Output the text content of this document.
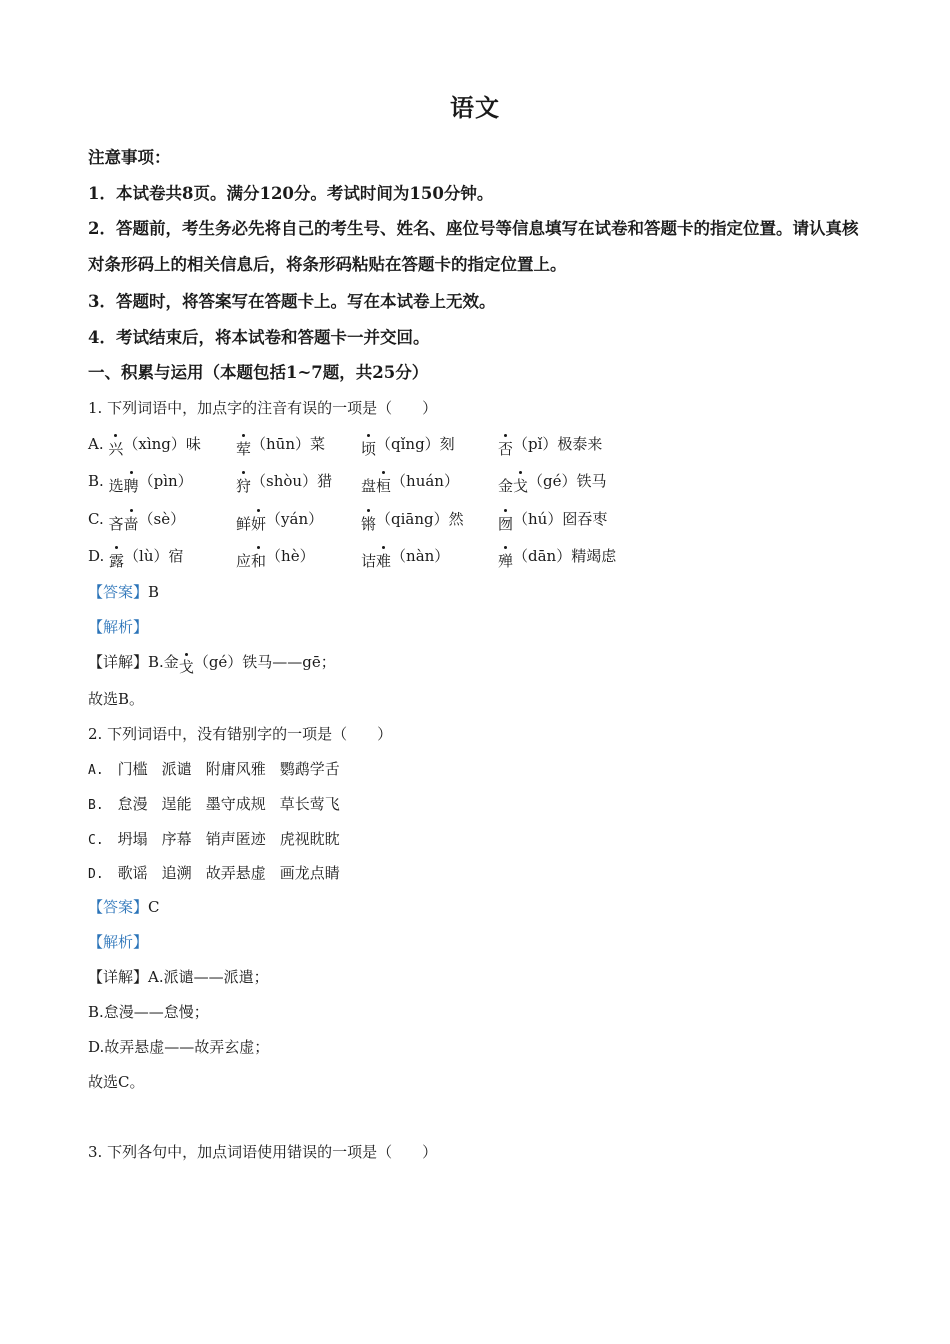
语文
注意事项：
1．本试卷共8页。满分120分。考试时间为150分钟。
2．答题前，考生务必先将自己的考生号、姓名、座位号等信息填写在试卷和答题卡的指定位置。请认真核对条形码上的相关信息后，将条形码粘贴在答题卡的指定位置上。
3．答题时，将答案写在答题卡上。写在本试卷上无效。
4．考试结束后，将本试卷和答题卡一并交回。
一、积累与运用（本题包括1~7题，共25分）
1. 下列词语中，加点字的注音有误的一项是（　　）
A. 兴（xìng）味 荤（hūn）菜 顷（qǐng）刻	否（pǐ）极泰来
B. 选聘（pìn）	狩（shòu）猎 盘桓（huán）	金戈（gé）铁马
C. 吝啬（sè）	鲜妍（yán）	锵（qiāng）然 囫（hú）囵吞枣
D. 露（lù）宿	应和（hè）	诘难（nàn）	殚（dān）精竭虑
【答案】B
【解析】
【详解】B.金戈（gé）铁马——gē；
故选B。
2. 下列词语中，没有错别字的一项是（　　）
A. 门槛 派谴 附庸风雅 鹦鹉学舌
B. 怠漫 逞能 墨守成规 草长莺飞
C. 坍塌 序幕 销声匿迹 虎视眈眈
D. 歌谣 追溯 故弄悬虚 画龙点睛
【答案】C
【解析】
【详解】A.派谴——派遣；
B.怠漫——怠慢；
D.故弄悬虚——故弄玄虚；
故选C。
3. 下列各句中，加点词语使用错误的一项是（　　）
